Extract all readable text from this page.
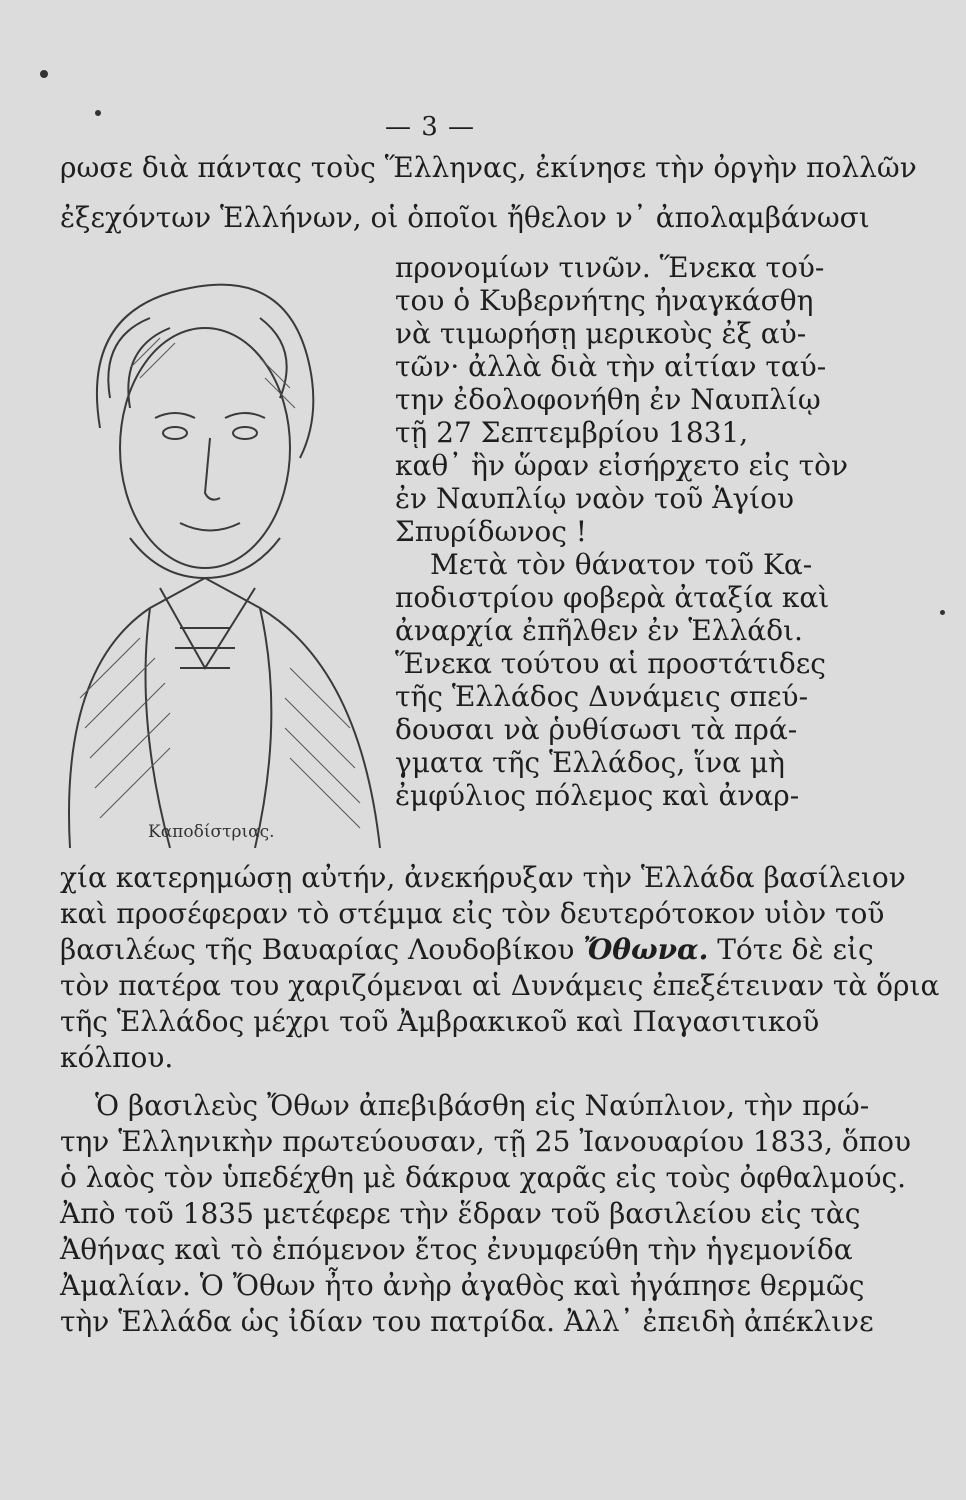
— 3 —
ρωσε διὰ πάντας τοὺς Ἕλληνας, ἐκίνησε τὴν ὀργὴν πολλῶν
ἐξεχόντων Ἑλλήνων, οἱ ὁποῖοι ἤθελον ν᾿ ἀπολαμβάνωσι
Καποδίστριας.
προνομίων τινῶν. Ἕνεκα τού-
του ὁ Κυβερνήτης ἠναγκάσθη
νὰ τιμωρήσῃ μερικοὺς ἐξ αὐ-
τῶν· ἀλλὰ διὰ τὴν αἰτίαν ταύ-
την ἐδολοφονήθη ἐν Ναυπλίῳ
τῇ 27 Σεπτεμβρίου 1831,
καθ᾿ ἣν ὥραν εἰσήρχετο εἰς τὸν
ἐν Ναυπλίῳ ναὸν τοῦ Ἁγίου
Σπυρίδωνος !
Μετὰ τὸν θάνατον τοῦ Κα-
ποδιστρίου φοβερὰ ἀταξία καὶ
ἀναρχία ἐπῆλθεν ἐν Ἑλλάδι.
Ἕνεκα τούτου αἱ προστάτιδες
τῆς Ἑλλάδος Δυνάμεις σπεύ-
δουσαι νὰ ῥυθίσωσι τὰ πρά-
γματα τῆς Ἑλλάδος, ἵνα μὴ
ἐμφύλιος πόλεμος καὶ ἀναρ-
χία κατερημώσῃ αὐτήν, ἀνεκήρυξαν τὴν Ἑλλάδα βασίλειον
καὶ προσέφεραν τὸ στέμμα εἰς τὸν δευτερότοκον υἱὸν τοῦ
βασιλέως τῆς Βαυαρίας Λουδοβίκου Ὄθωνα. Τότε δὲ εἰς
τὸν πατέρα του χαριζόμεναι αἱ Δυνάμεις ἐπεξέτειναν τὰ ὅρια
τῆς Ἑλλάδος μέχρι τοῦ Ἀμβρακικοῦ καὶ Παγασιτικοῦ
κόλπου.
Ὁ βασιλεὺς Ὄθων ἀπεβιβάσθη εἰς Ναύπλιον, τὴν πρώ-
την Ἑλληνικὴν πρωτεύουσαν, τῇ 25 Ἰανουαρίου 1833, ὅπου
ὁ λαὸς τὸν ὑπεδέχθη μὲ δάκρυα χαρᾶς εἰς τοὺς ὀφθαλμούς.
Ἀπὸ τοῦ 1835 μετέφερε τὴν ἕδραν τοῦ βασιλείου εἰς τὰς
Ἀθήνας καὶ τὸ ἑπόμενον ἔτος ἐνυμφεύθη τὴν ἡγεμονίδα
Ἀμαλίαν. Ὁ Ὄθων ἦτο ἀνὴρ ἀγαθὸς καὶ ἠγάπησε θερμῶς
τὴν Ἑλλάδα ὡς ἰδίαν του πατρίδα. Ἀλλ᾿ ἐπειδὴ ἀπέκλινε
